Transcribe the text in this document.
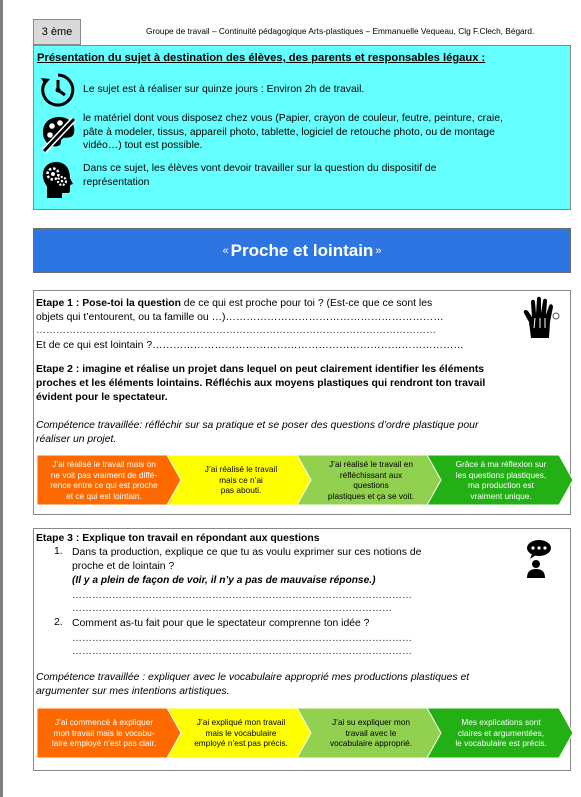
3 ème	Groupe de travail – Continuité pédagogique Arts-plastiques – Emmanuelle Vequeau, Clg F.Clech, Bégard.
Présentation du sujet à destination des élèves, des parents et responsables légaux :
Le sujet est à réaliser sur quinze jours : Environ 2h de travail.
le matériel dont vous disposez chez vous (Papier, crayon de couleur, feutre, peinture, craie,
pâte à modeler, tissus, appareil photo, tablette, logiciel de retouche photo, ou de montage
vidéo…) tout est possible.
Dans ce sujet, les élèves vont devoir travailler sur la question du dispositif de
représentation
« Proche et lointain »
Etape 1 : Pose-toi la question de ce qui est proche pour toi ? (Est-ce que ce sont les
objets qui t’entourent, ou ta famille ou …)………………………………………………………
…………………………………………………………………………………………………………
Et de ce qui est lointain ?………………………………………………………………………………
Etape 2 : imagine et réalise un projet dans lequel on peut clairement identifier les éléments
proches et les éléments lointains. Réfléchis aux moyens plastiques qui rendront ton travail
évident pour le spectateur.
Compétence travaillée: réfléchir sur sa pratique et se poser des questions d’ordre plastique pour
réaliser un projet.
J’ai réalisé le travail mais on
ne voit pas vraiment de diffé-
rence entre ce qui est proche
et ce qui est lointain.
J’ai réalisé le travail
mais ce n’ai
pas abouti.
J’ai réalisé le travail en
réfléchissant aux
questions
plastiques et ça se voit.
Grâce à ma réflexion sur
les questions plastiques,
ma production est
vraiment unique.
Etape 3 : Explique ton travail en répondant aux questions
1. Dans ta production, explique ce que tu as voulu exprimer sur ces notions de
proche et de lointain ?
(Il y a plein de façon de voir, il n’y a pas de mauvaise réponse.)
…………………………………………………………………………………………
……………………………………………………………………………………
2. Comment as-tu fait pour que le spectateur comprenne ton idée ?
…………………………………………………………………………………………
…………………………………………………………………………………………
Compétence travaillée : expliquer avec le vocabulaire approprié mes productions plastiques et
argumenter sur mes intentions artistiques.
J’ai commencé à expliquer
mon travail mais le vocabu-
laire employé n’est pas clair.
J’ai expliqué mon travail
mais le vocabulaire
employé n’est pas précis.
J’ai su expliquer mon
travail avec le
vocabulaire approprié.
Mes explications sont
claires et argumentées,
le vocabulaire est précis.
